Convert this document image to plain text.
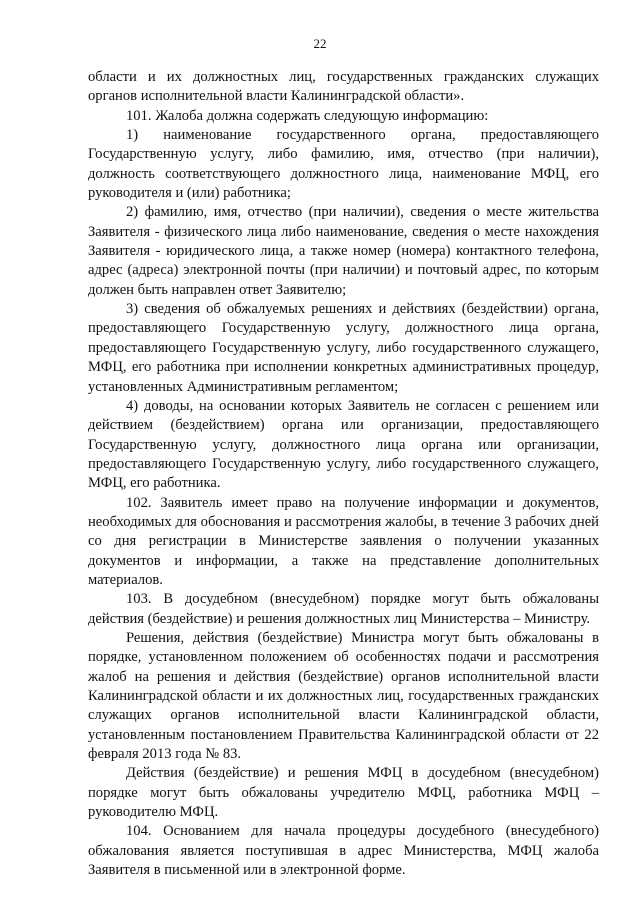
22

области и их должностных лиц, государственных гражданских служащих органов исполнительной власти Калининградской области».

101. Жалоба должна содержать следующую информацию:

1) наименование государственного органа, предоставляющего Государственную услугу, либо фамилию, имя, отчество (при наличии), должность соответствующего должностного лица, наименование МФЦ, его руководителя и (или) работника;

2) фамилию, имя, отчество (при наличии), сведения о месте жительства Заявителя - физического лица либо наименование, сведения о месте нахождения Заявителя - юридического лица, а также номер (номера) контактного телефона, адрес (адреса) электронной почты (при наличии) и почтовый адрес, по которым должен быть направлен ответ Заявителю;

3) сведения об обжалуемых решениях и действиях (бездействии) органа, предоставляющего Государственную услугу, должностного лица органа, предоставляющего Государственную услугу, либо государственного служащего, МФЦ, его работника при исполнении конкретных административных процедур, установленных Административным регламентом;

4) доводы, на основании которых Заявитель не согласен с решением или действием (бездействием) органа или организации, предоставляющего Государственную услугу, должностного лица органа или организации, предоставляющего Государственную услугу, либо государственного служащего, МФЦ, его работника.

102. Заявитель имеет право на получение информации и документов, необходимых для обоснования и рассмотрения жалобы, в течение 3 рабочих дней со дня регистрации в Министерстве заявления о получении указанных документов и информации, а также на представление дополнительных материалов.

103. В досудебном (внесудебном) порядке могут быть обжалованы действия (бездействие) и решения должностных лиц Министерства – Министру.

Решения, действия (бездействие) Министра могут быть обжалованы в порядке, установленном положением об особенностях подачи и рассмотрения жалоб на решения и действия (бездействие) органов исполнительной власти Калининградской области и их должностных лиц, государственных гражданских служащих органов исполнительной власти Калининградской области, установленным постановлением Правительства Калининградской области от 22 февраля 2013 года № 83.

Действия (бездействие) и решения МФЦ в досудебном (внесудебном) порядке могут быть обжалованы учредителю МФЦ, работника МФЦ – руководителю МФЦ.

104. Основанием для начала процедуры досудебного (внесудебного) обжалования является поступившая в адрес Министерства, МФЦ жалоба Заявителя в письменной или в электронной форме.
